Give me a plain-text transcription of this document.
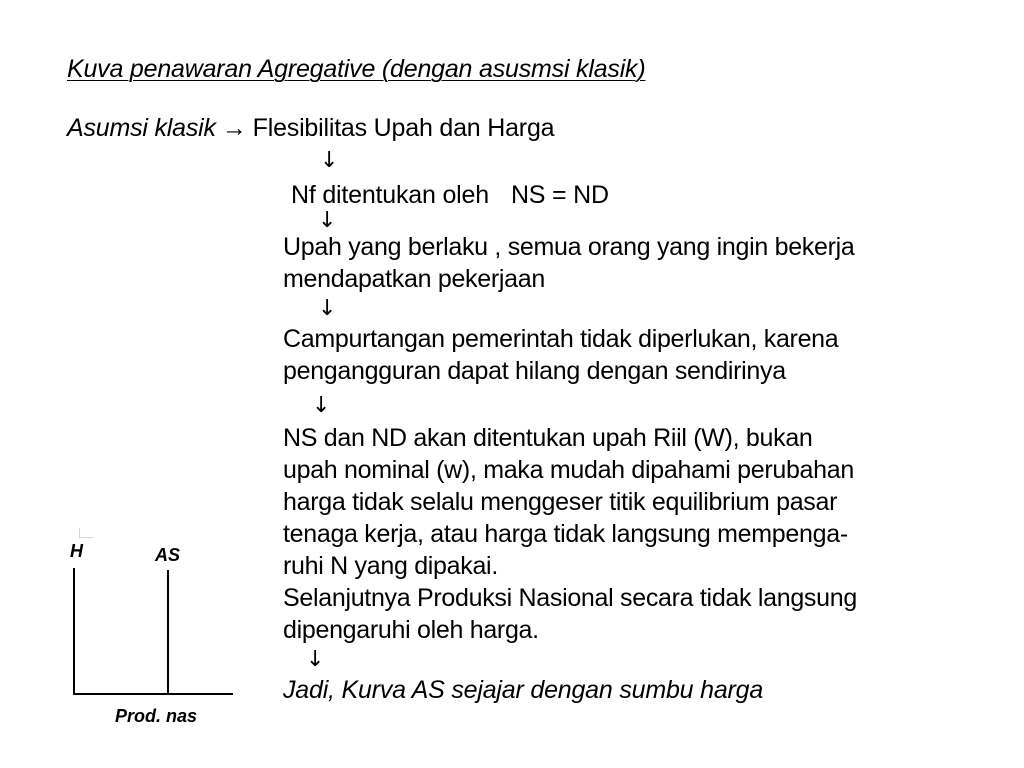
Kuva penawaran Agregative (dengan asusmsi klasik)
Asumsi klasik → Flesibilitas Upah dan Harga
↓
Nf ditentukan oleh NS = ND
↓
Upah yang berlaku , semua orang yang ingin bekerja
mendapatkan pekerjaan
↓
Campurtangan pemerintah tidak diperlukan, karena
pengangguran dapat hilang dengan sendirinya
↓
NS dan ND akan ditentukan upah Riil (W), bukan
upah nominal (w), maka mudah dipahami perubahan
harga tidak selalu menggeser titik equilibrium pasar
tenaga kerja, atau harga tidak langsung mempenga-
ruhi N yang dipakai.
Selanjutnya Produksi Nasional secara tidak langsung
dipengaruhi oleh harga.
↓
Jadi, Kurva AS sejajar dengan sumbu harga
H	AS
Prod. nas
